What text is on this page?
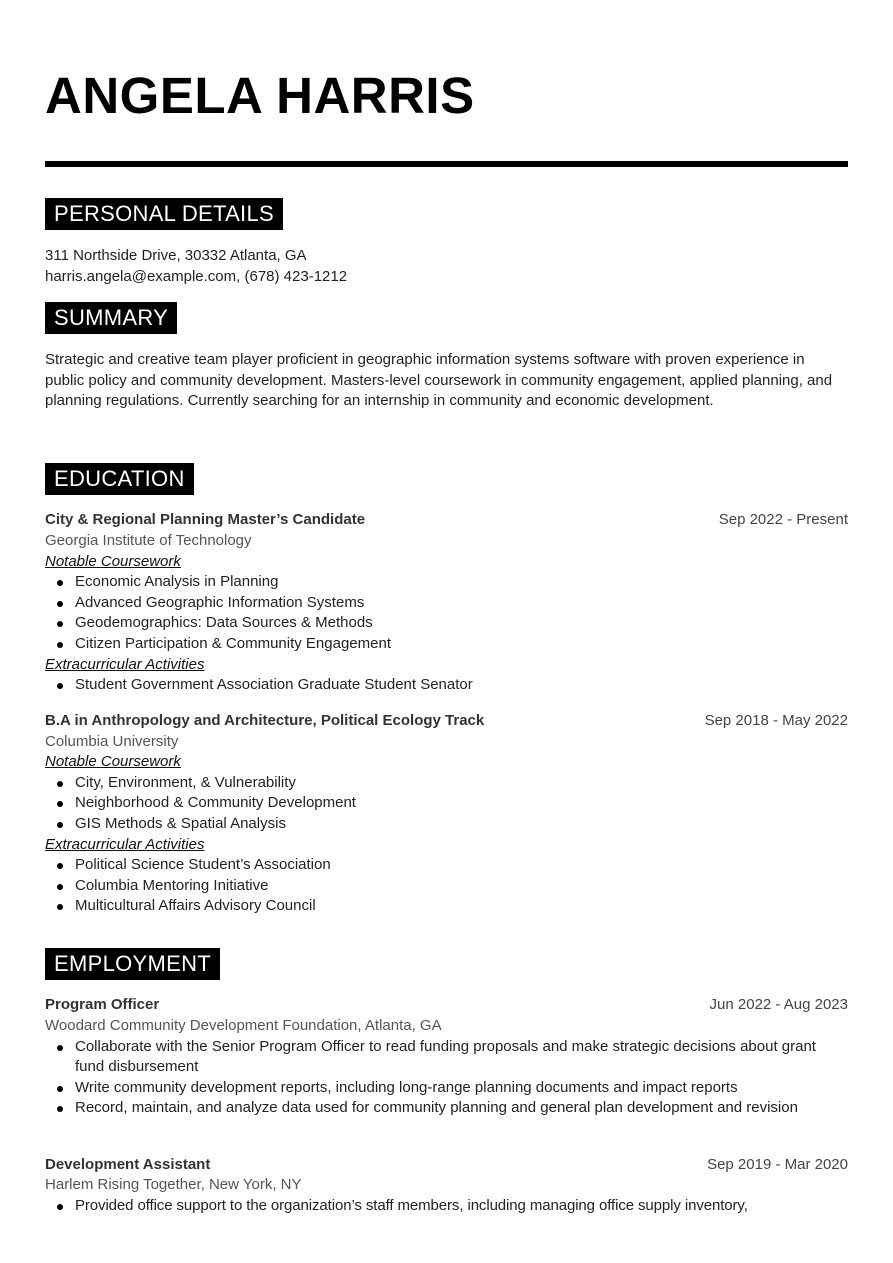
ANGELA HARRIS
PERSONAL DETAILS
311 Northside Drive, 30332 Atlanta, GA
harris.angela@example.com, (678) 423-1212
SUMMARY
Strategic and creative team player proficient in geographic information systems software with proven experience in public policy and community development. Masters-level coursework in community engagement, applied planning, and planning regulations. Currently searching for an internship in community and economic development.
EDUCATION
City & Regional Planning Master’s Candidate	Sep 2022 - Present
Georgia Institute of Technology
Notable Coursework
Economic Analysis in Planning
Advanced Geographic Information Systems
Geodemographics: Data Sources & Methods
Citizen Participation & Community Engagement
Extracurricular Activities
Student Government Association Graduate Student Senator
B.A in Anthropology and Architecture, Political Ecology Track	Sep 2018 - May 2022
Columbia University
Notable Coursework
City, Environment, & Vulnerability
Neighborhood & Community Development
GIS Methods & Spatial Analysis
Extracurricular Activities
Political Science Student’s Association
Columbia Mentoring Initiative
Multicultural Affairs Advisory Council
EMPLOYMENT
Program Officer	Jun 2022 - Aug 2023
Woodard Community Development Foundation, Atlanta, GA
Collaborate with the Senior Program Officer to read funding proposals and make strategic decisions about grant fund disbursement
Write community development reports, including long-range planning documents and impact reports
Record, maintain, and analyze data used for community planning and general plan development and revision
Development Assistant	Sep 2019 - Mar 2020
Harlem Rising Together, New York, NY
Provided office support to the organization’s staff members, including managing office supply inventory,
